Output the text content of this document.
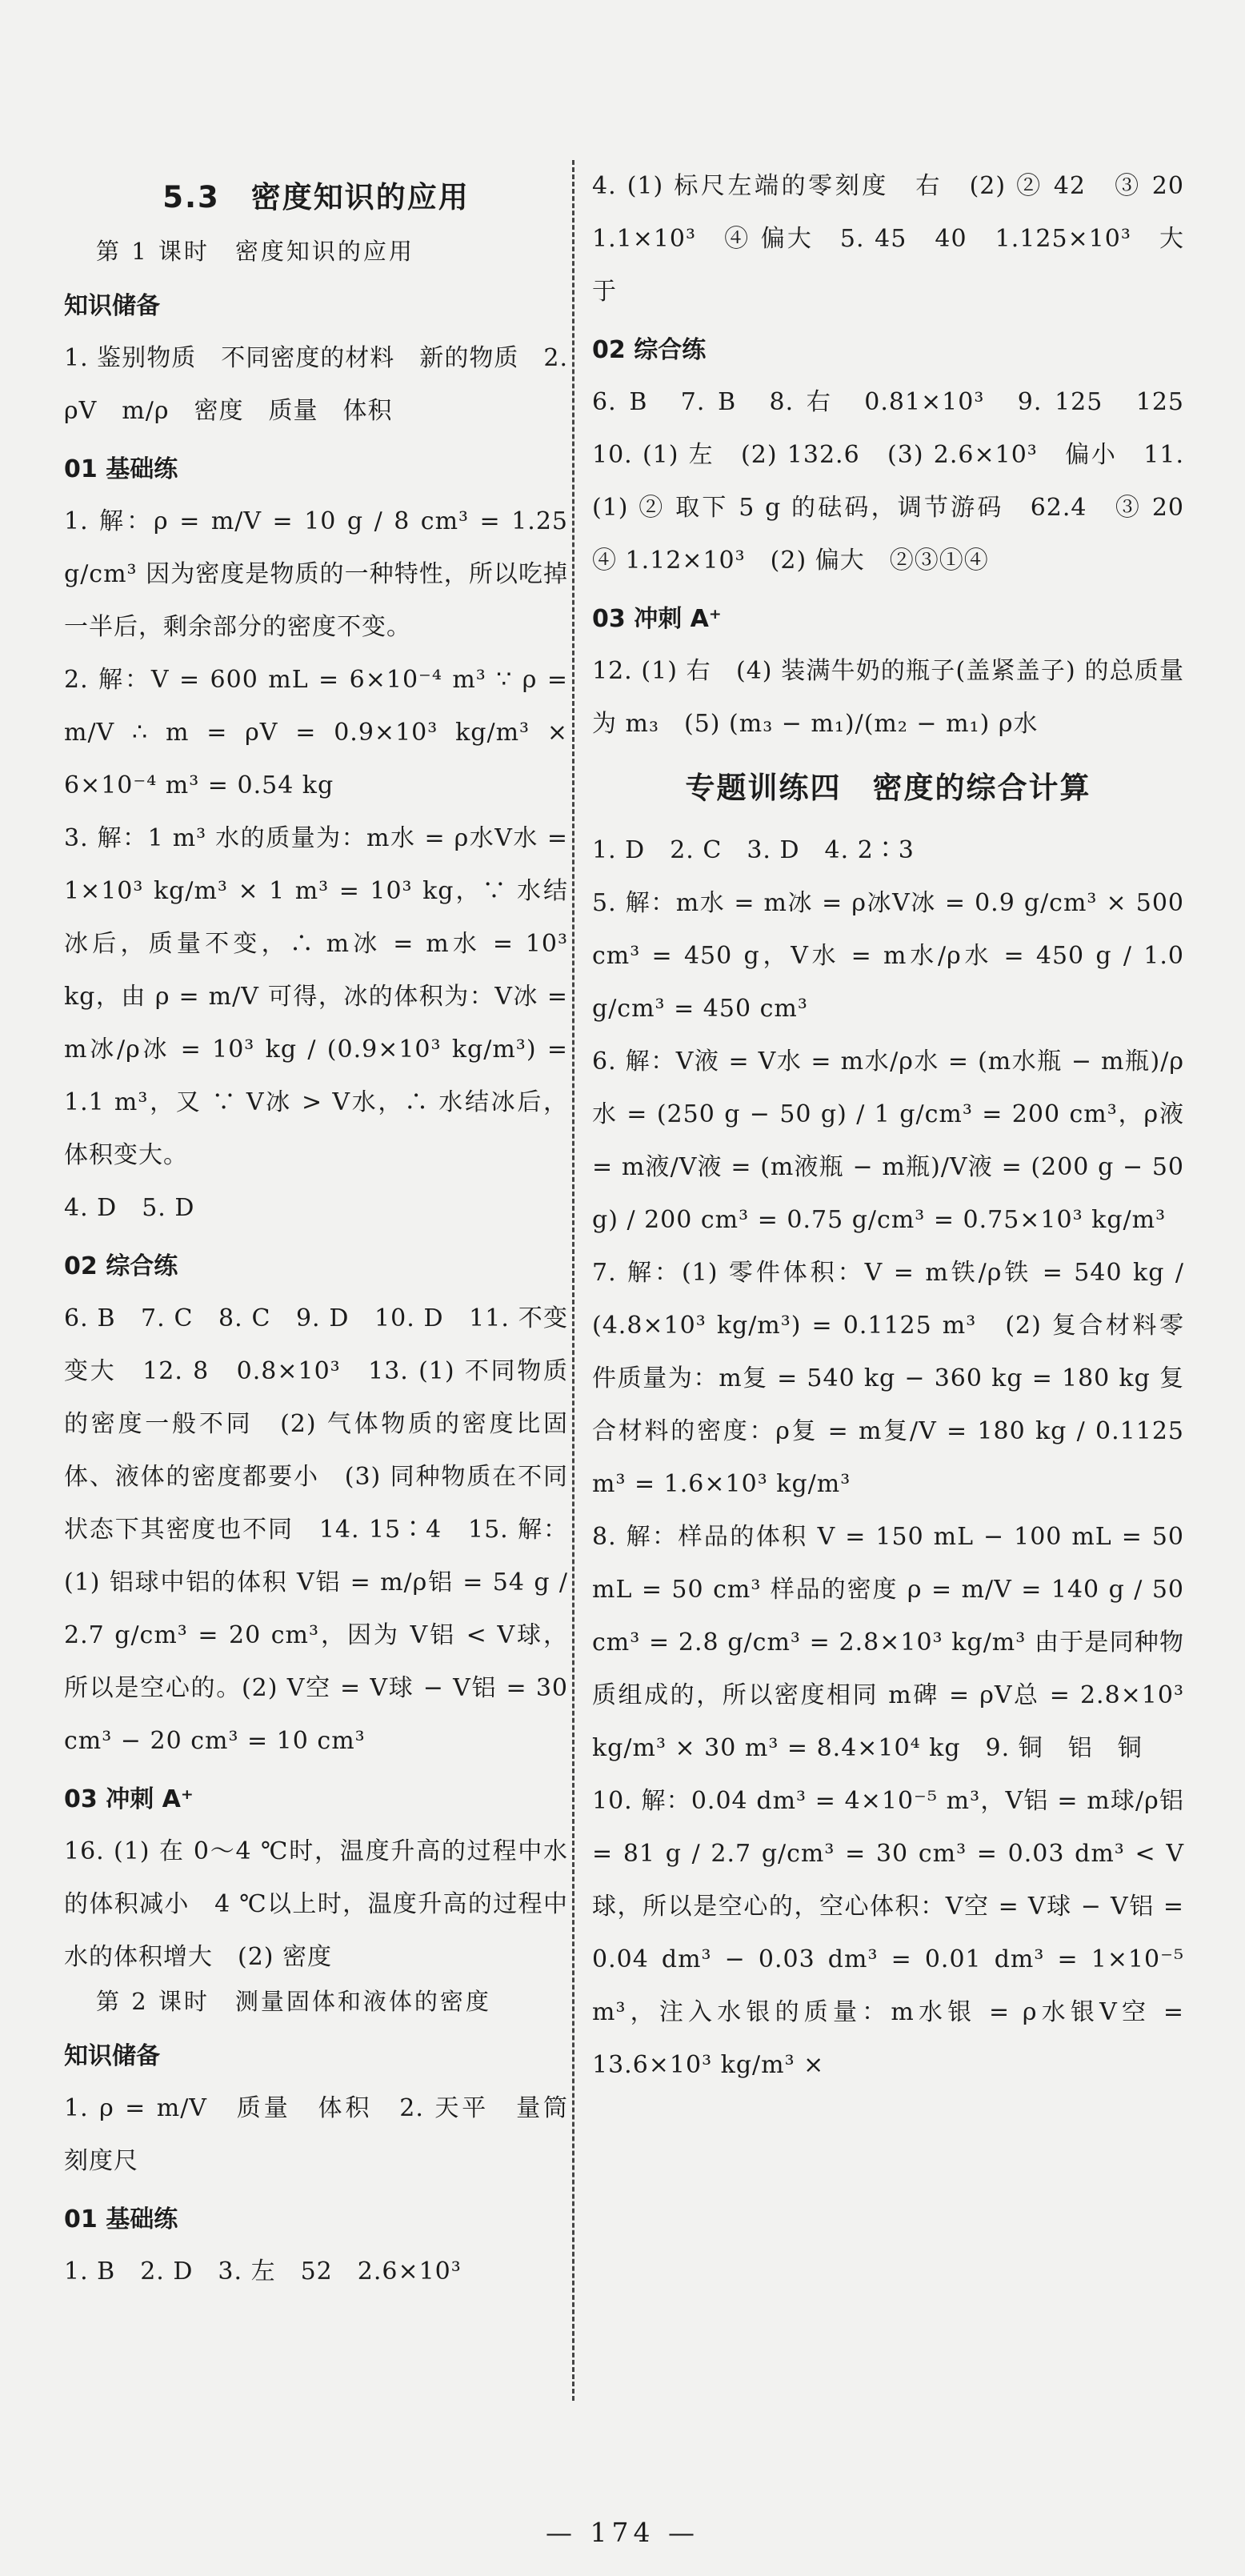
5.3　密度知识的应用
第 1 课时　密度知识的应用
知识储备

1. 鉴别物质　不同密度的材料　新的物质　2. ρV　m/ρ　密度　质量　体积

01 基础练

1. 解：ρ = m/V = 10 g / 8 cm³ = 1.25 g/cm³ 因为密度是物质的一种特性，所以吃掉一半后，剩余部分的密度不变。

2. 解：V = 600 mL = 6×10⁻⁴ m³ ∵ ρ = m/V ∴ m = ρV = 0.9×10³ kg/m³ × 6×10⁻⁴ m³ = 0.54 kg

3. 解：1 m³ 水的质量为：m水 = ρ水V水 = 1×10³ kg/m³ × 1 m³ = 10³ kg，∵ 水结冰后，质量不变，∴ m冰 = m水 = 10³ kg，由 ρ = m/V 可得，冰的体积为：V冰 = m冰/ρ冰 = 10³ kg / (0.9×10³ kg/m³) = 1.1 m³，又 ∵ V冰 > V水，∴ 水结冰后，体积变大。

4. D　5. D

02 综合练

6. B　7. C　8. C　9. D　10. D　11. 不变　变大　12. 8　0.8×10³　13. (1) 不同物质的密度一般不同　(2) 气体物质的密度比固体、液体的密度都要小　(3) 同种物质在不同状态下其密度也不同　14. 15∶4　15. 解：(1) 铝球中铝的体积 V铝 = m/ρ铝 = 54 g / 2.7 g/cm³ = 20 cm³，因为 V铝 < V球，所以是空心的。(2) V空 = V球 − V铝 = 30 cm³ − 20 cm³ = 10 cm³

03 冲刺 A⁺

16. (1) 在 0～4 ℃时，温度升高的过程中水的体积减小　4 ℃以上时，温度升高的过程中水的体积增大　(2) 密度

第 2 课时　测量固体和液体的密度
知识储备

1. ρ = m/V　质量　体积　2. 天平　量筒　刻度尺

01 基础练

1. B　2. D　3. 左　52　2.6×10³

4. (1) 标尺左端的零刻度　右　(2) ② 42　③ 20　1.1×10³　④ 偏大　5. 45　40　1.125×10³　大于

02 综合练

6. B　7. B　8. 右　0.81×10³　9. 125　125　10. (1) 左　(2) 132.6　(3) 2.6×10³　偏小　11. (1) ② 取下 5 g 的砝码，调节游码　62.4　③ 20　④ 1.12×10³　(2) 偏大　②③①④

03 冲刺 A⁺

12. (1) 右　(4) 装满牛奶的瓶子(盖紧盖子) 的总质量为 m₃　(5) (m₃ − m₁)/(m₂ − m₁) ρ水

专题训练四　密度的综合计算

1. D　2. C　3. D　4. 2∶3

5. 解：m水 = m冰 = ρ冰V冰 = 0.9 g/cm³ × 500 cm³ = 450 g，V水 = m水/ρ水 = 450 g / 1.0 g/cm³ = 450 cm³

6. 解：V液 = V水 = m水/ρ水 = (m水瓶 − m瓶)/ρ水 = (250 g − 50 g) / 1 g/cm³ = 200 cm³，ρ液 = m液/V液 = (m液瓶 − m瓶)/V液 = (200 g − 50 g) / 200 cm³ = 0.75 g/cm³ = 0.75×10³ kg/m³

7. 解：(1) 零件体积：V = m铁/ρ铁 = 540 kg / (4.8×10³ kg/m³) = 0.1125 m³　(2) 复合材料零件质量为：m复 = 540 kg − 360 kg = 180 kg 复合材料的密度：ρ复 = m复/V = 180 kg / 0.1125 m³ = 1.6×10³ kg/m³

8. 解：样品的体积 V = 150 mL − 100 mL = 50 mL = 50 cm³ 样品的密度 ρ = m/V = 140 g / 50 cm³ = 2.8 g/cm³ = 2.8×10³ kg/m³ 由于是同种物质组成的，所以密度相同 m碑 = ρV总 = 2.8×10³ kg/m³ × 30 m³ = 8.4×10⁴ kg　9. 铜　铝　铜

10. 解：0.04 dm³ = 4×10⁻⁵ m³，V铝 = m球/ρ铝 = 81 g / 2.7 g/cm³ = 30 cm³ = 0.03 dm³ < V球，所以是空心的，空心体积：V空 = V球 − V铝 = 0.04 dm³ − 0.03 dm³ = 0.01 dm³ = 1×10⁻⁵ m³，注入水银的质量：m水银 = ρ水银V空 = 13.6×10³ kg/m³ ×

— 174 —
